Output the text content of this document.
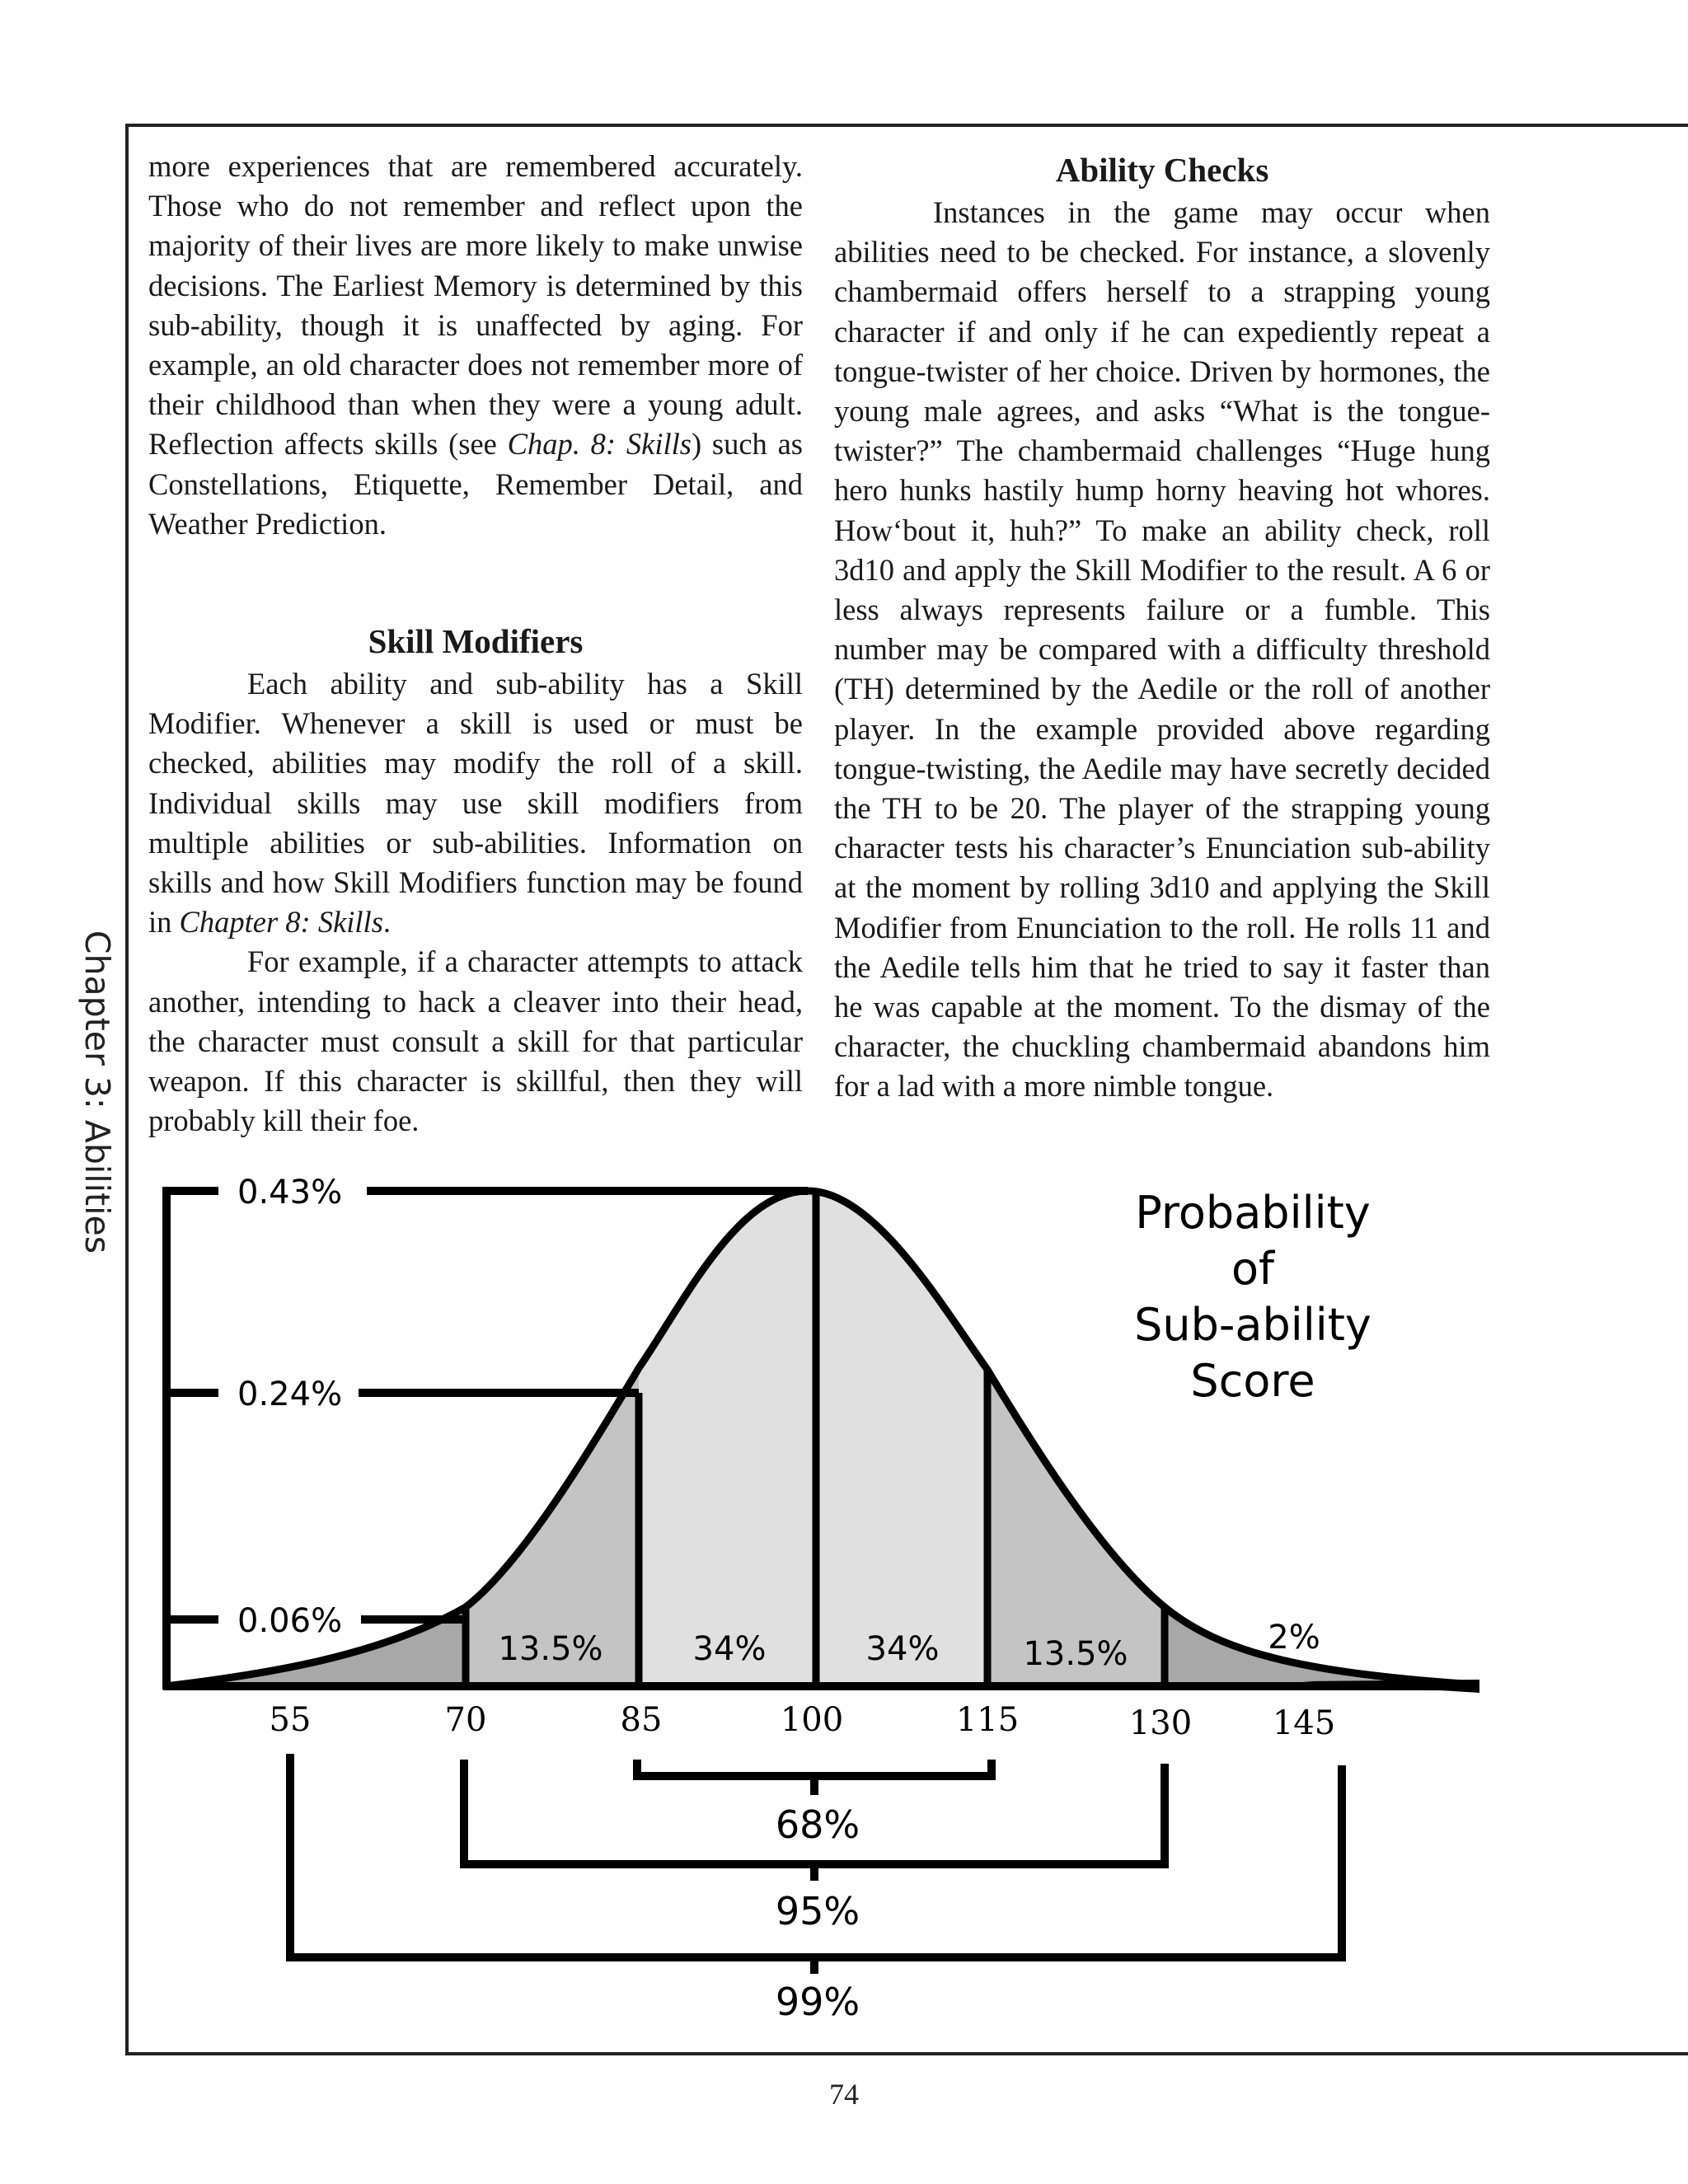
Chapter 3: Abilities

more experiences that are remembered accurately. Those who do not remember and reflect upon the majority of their lives are more likely to make unwise decisions. The Earliest Memory is determined by this sub-ability, though it is unaffected by aging. For example, an old character does not remember more of their childhood than when they were a young adult. Reflection affects skills (see Chap. 8: Skills) such as Constellations, Etiquette, Remember Detail, and Weather Prediction.

Skill Modifiers

Each ability and sub-ability has a Skill Modifier. Whenever a skill is used or must be checked, abilities may modify the roll of a skill. Individual skills may use skill modifiers from multiple abilities or sub-abilities. Information on skills and how Skill Modifiers function may be found in Chapter 8: Skills.

For example, if a character attempts to attack another, intending to hack a cleaver into their head, the character must consult a skill for that particular weapon. If this character is skillful, then they will probably kill their foe.

Ability Checks

Instances in the game may occur when abilities need to be checked. For instance, a slovenly chambermaid offers herself to a strapping young character if and only if he can expediently repeat a tongue-twister of her choice. Driven by hormones, the young male agrees, and asks “What is the tongue-twister?” The chambermaid challenges “Huge hung hero hunks hastily hump horny heaving hot whores. How‘bout it, huh?” To make an ability check, roll 3d10 and apply the Skill Modifier to the result. A 6 or less always represents failure or a fumble. This number may be compared with a difficulty threshold (TH) determined by the Aedile or the roll of another player. In the example provided above regarding tongue-twisting, the Aedile may have secretly decided the TH to be 20. The player of the strapping young character tests his character’s Enunciation sub-ability at the moment by rolling 3d10 and applying the Skill Modifier from Enunciation to the roll. He rolls 11 and the Aedile tells him that he tried to say it faster than he was capable at the moment. To the dismay of the character, the chuckling chambermaid abandons him for a lad with a more nimble tongue.

0.43%
0.24%
0.06%
13.5%	34%	34%	13.5%	2%
55	70	85	100	115	130 145
Probability
of
Sub-ability
Score
68%
95%
99%
74
